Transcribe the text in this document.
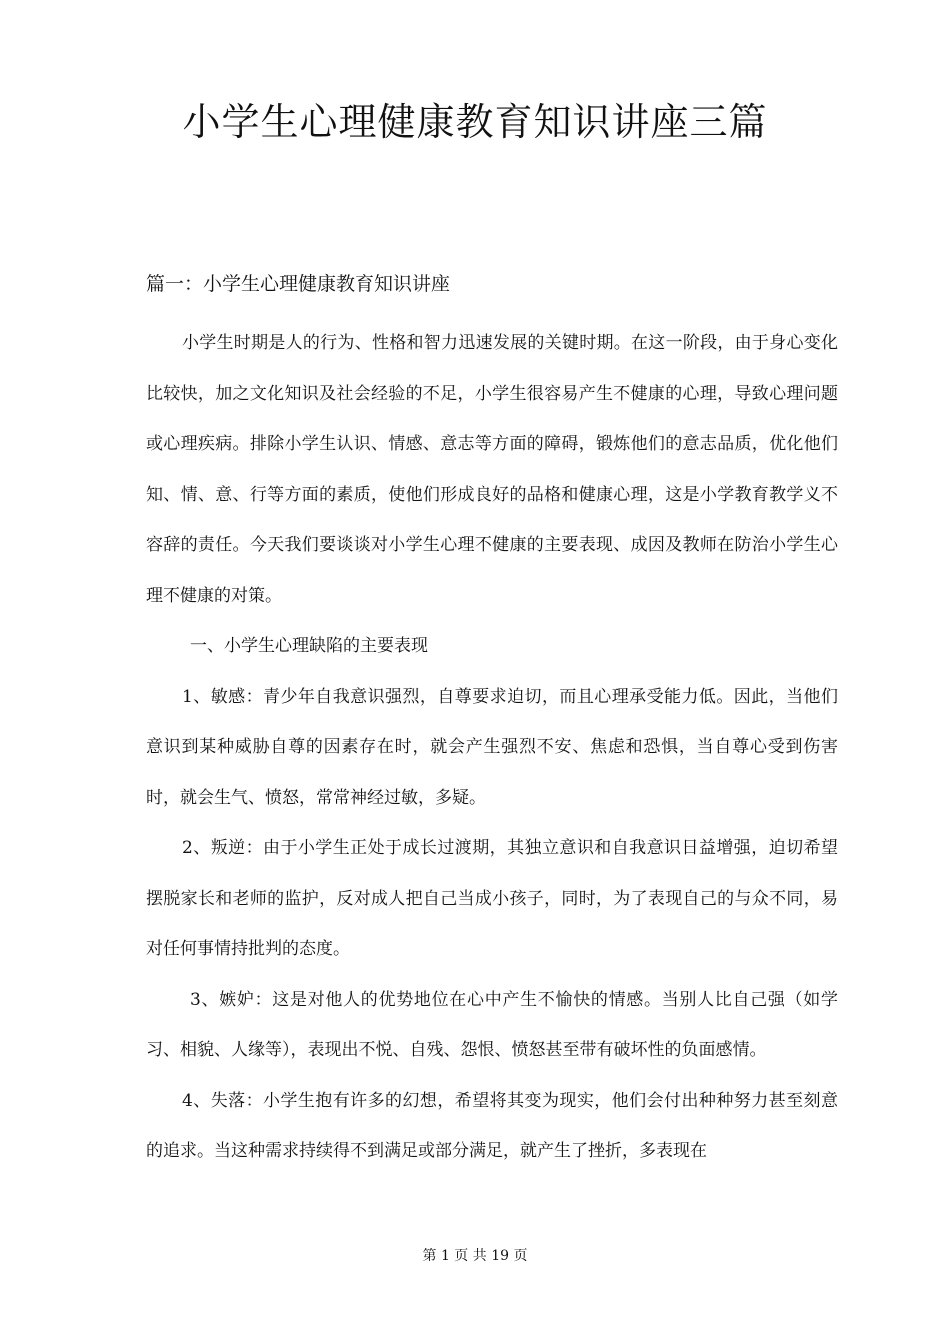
小学生心理健康教育知识讲座三篇
篇一：小学生心理健康教育知识讲座

小学生时期是人的行为、性格和智力迅速发展的关键时期。在这一阶段，由于身心变化比较快，加之文化知识及社会经验的不足，小学生很容易产生不健康的心理，导致心理问题或心理疾病。排除小学生认识、情感、意志等方面的障碍，锻炼他们的意志品质，优化他们知、情、意、行等方面的素质，使他们形成良好的品格和健康心理，这是小学教育教学义不容辞的责任。今天我们要谈谈对小学生心理不健康的主要表现、成因及教师在防治小学生心理不健康的对策。

一、小学生心理缺陷的主要表现

1、敏感：青少年自我意识强烈，自尊要求迫切，而且心理承受能力低。因此，当他们意识到某种威胁自尊的因素存在时，就会产生强烈不安、焦虑和恐惧，当自尊心受到伤害时，就会生气、愤怒，常常神经过敏，多疑。

2、叛逆：由于小学生正处于成长过渡期，其独立意识和自我意识日益增强，迫切希望摆脱家长和老师的监护，反对成人把自己当成小孩子，同时，为了表现自己的与众不同，易对任何事情持批判的态度。

3、嫉妒：这是对他人的优势地位在心中产生不愉快的情感。当别人比自己强（如学习、相貌、人缘等），表现出不悦、自残、怨恨、愤怒甚至带有破坏性的负面感情。

4、失落：小学生抱有许多的幻想，希望将其变为现实，他们会付出种种努力甚至刻意的追求。当这种需求持续得不到满足或部分满足，就产生了挫折，多表现在

第 1 页 共 19 页
